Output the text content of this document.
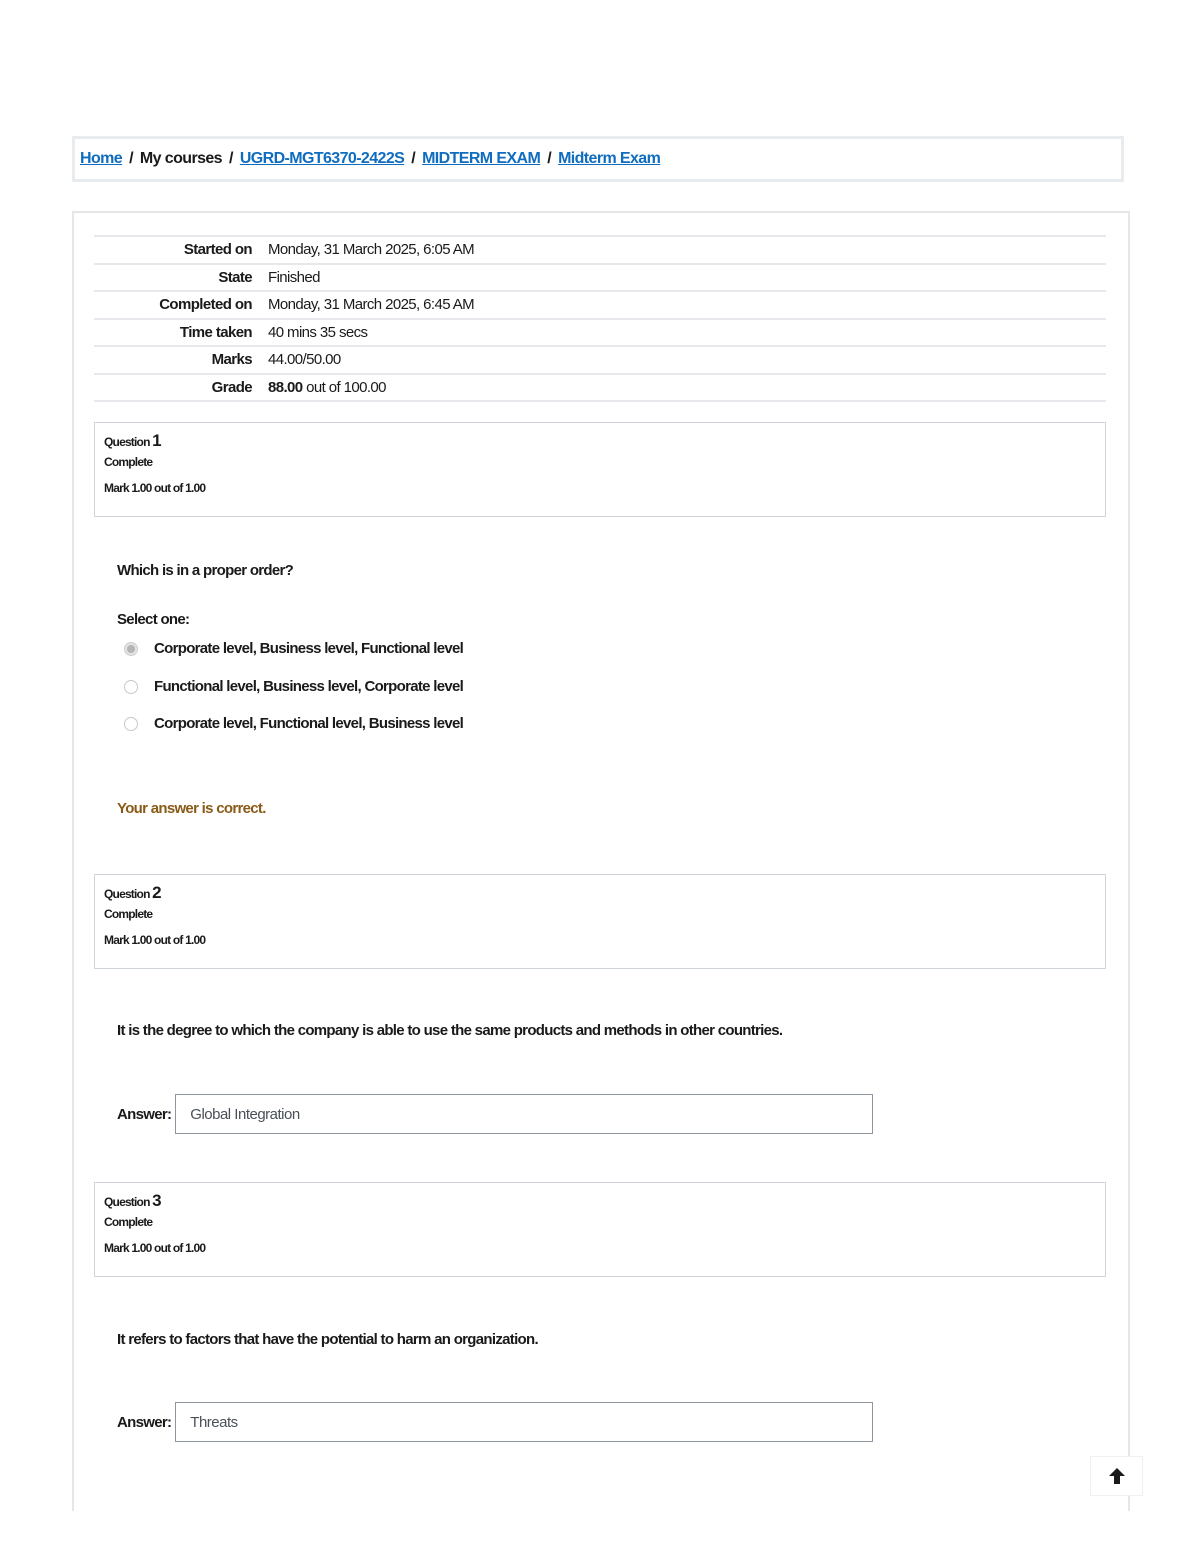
Home / My courses / UGRD-MGT6370-2422S / MIDTERM EXAM / Midterm Exam
Started on	Monday, 31 March 2025, 6:05 AM
State	Finished
Completed on	Monday, 31 March 2025, 6:45 AM
Time taken	40 mins 35 secs
Marks	44.00/50.00
Grade	88.00 out of 100.00
Question 1
Complete
Mark 1.00 out of 1.00
Which is in a proper order?
Select one:
Corporate level, Business level, Functional level
Functional level, Business level, Corporate level
Corporate level, Functional level, Business level
Your answer is correct.
Question 2
Complete
Mark 1.00 out of 1.00
It is the degree to which the company is able to use the same products and methods in other countries.
Answer:
Global Integration
Question 3
Complete
Mark 1.00 out of 1.00
It refers to factors that have the potential to harm an organization.
Answer:
Threats
